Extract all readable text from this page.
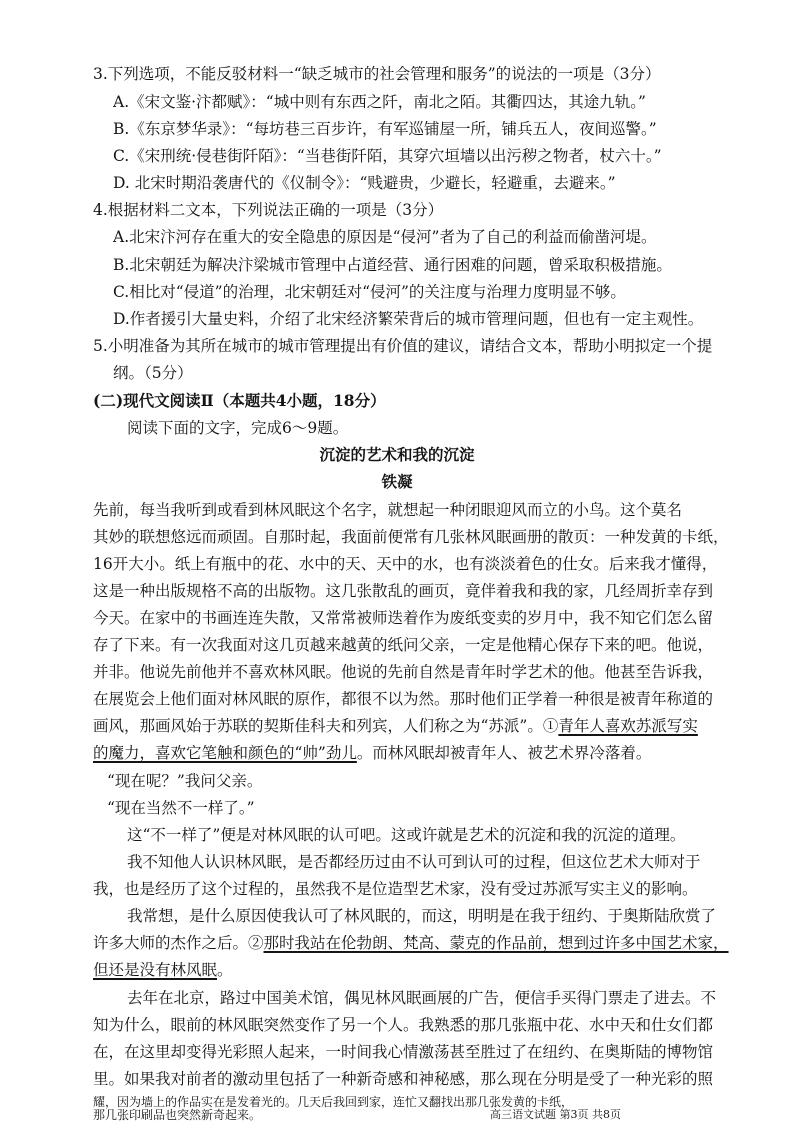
3.下列选项，不能反驳材料一“缺乏城市的社会管理和服务”的说法的一项是（3分）
A.《宋文鉴·汴都赋》：“城中则有东西之阡，南北之陌。其衢四达，其途九轨。”
B.《东京梦华录》：“每坊巷三百步许，有军巡铺屋一所，铺兵五人，夜间巡警。”
C.《宋刑统·侵巷街阡陌》：“当巷街阡陌，其穿穴垣墙以出污秽之物者，杖六十。”
D. 北宋时期沿袭唐代的《仪制令》：“贱避贵，少避长，轻避重，去避来。”
4.根据材料二文本，下列说法正确的一项是（3分）
A.北宋汴河存在重大的安全隐患的原因是“侵河”者为了自己的利益而偷凿河堤。
B.北宋朝廷为解决汴梁城市管理中占道经营、通行困难的问题，曾采取积极措施。
C.相比对“侵道”的治理，北宋朝廷对“侵河”的关注度与治理力度明显不够。
D.作者援引大量史料，介绍了北宋经济繁荣背后的城市管理问题，但也有一定主观性。
5.小明准备为其所在城市的城市管理提出有价值的建议，请结合文本，帮助小明拟定一个提
纲。（5分）
(二)现代文阅读Ⅱ（本题共4小题，18分）
阅读下面的文字，完成6～9题。
沉淀的艺术和我的沉淀
铁凝
先前，每当我听到或看到林风眠这个名字，就想起一种闭眼迎风而立的小鸟。这个莫名
其妙的联想悠远而顽固。自那时起，我面前便常有几张林风眠画册的散页：一种发黄的卡纸，
16开大小。纸上有瓶中的花、水中的天、天中的水，也有淡淡着色的仕女。后来我才懂得，
这是一种出版规格不高的出版物。这几张散乱的画页，竟伴着我和我的家，几经周折幸存到
今天。在家中的书画连连失散，又常常被师迭着作为废纸变卖的岁月中，我不知它们怎么留
存了下来。有一次我面对这几页越来越黄的纸问父亲，一定是他精心保存下来的吧。他说，
并非。他说先前他并不喜欢林风眠。他说的先前自然是青年时学艺术的他。他甚至告诉我，
在展览会上他们面对林风眠的原作，都很不以为然。那时他们正学着一种很是被青年称道的
画风，那画风始于苏联的契斯佳科夫和列宾，人们称之为“苏派”。①青年人喜欢苏派写实
的魔力，喜欢它笔触和颜色的“帅”劲儿。而林风眠却被青年人、被艺术界冷落着。
“现在呢？”我问父亲。
“现在当然不一样了。”
这“不一样了”便是对林风眠的认可吧。这或许就是艺术的沉淀和我的沉淀的道理。
我不知他人认识林风眠，是否都经历过由不认可到认可的过程，但这位艺术大师对于
我，也是经历了这个过程的，虽然我不是位造型艺术家，没有受过苏派写实主义的影响。
我常想，是什么原因使我认可了林风眠的，而这，明明是在我于纽约、于奥斯陆欣赏了
许多大师的杰作之后。②那时我站在伦勃朗、梵高、蒙克的作品前，想到过许多中国艺术家，
但还是没有林风眠。
去年在北京，路过中国美术馆，偶见林风眠画展的广告，便信手买得门票走了进去。不
知为什么，眼前的林风眠突然变作了另一个人。我熟悉的那几张瓶中花、水中天和仕女们都
在，在这里却变得光彩照人起来，一时间我心情激荡甚至胜过了在纽约、在奥斯陆的博物馆
里。如果我对前者的激动里包括了一种新奇感和神秘感，那么现在分明是受了一种光彩的照
耀，因为墙上的作品实在是发着光的。几天后我回到家，连忙又翻找出那几张发黄的卡纸，
那几张印刷品也突然新奇起来。	高三语文试题 第3页 共8页
